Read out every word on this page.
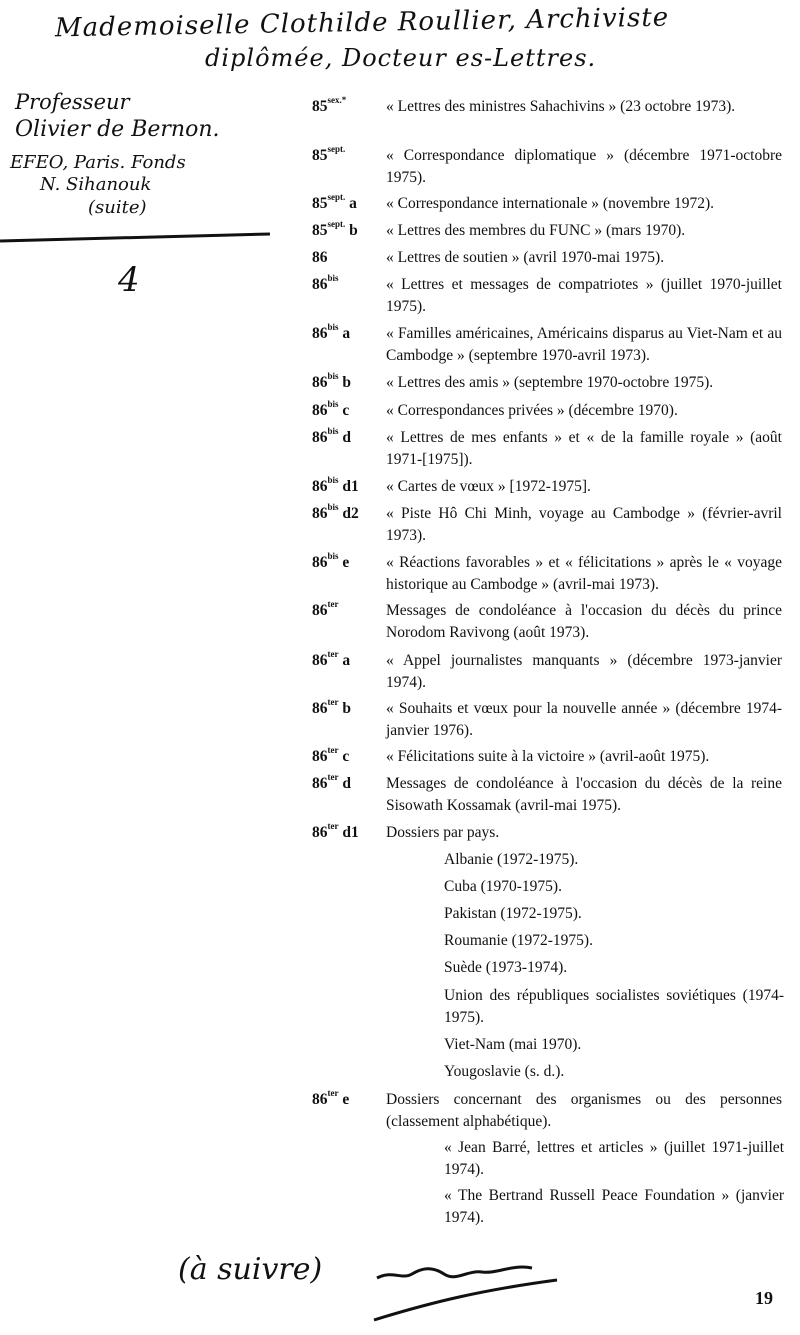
Mademoiselle Clothilde Roullier, Archiviste
diplômée, Docteur es-Lettres.
Professeur
Olivier de Bernon.
EFEO, Paris. Fonds
N. Sihanouk
(suite)
4
$85^{sex.*}$	« Lettres des ministres Sahachivins » (23 octobre 1973).
$85^{sept.}$	« Correspondance diplomatique » (décembre 1971-octobre 1975).
$85^{sept.}$ a	« Correspondance internationale » (novembre 1972).
$85^{sept.}$ b	« Lettres des membres du FUNC » (mars 1970).
86	« Lettres de soutien » (avril 1970-mai 1975).
$86^{bis}$	« Lettres et messages de compatriotes » (juillet 1970-juillet 1975).
$86^{bis}$ a	« Familles américaines, Américains disparus au Viet-Nam et au Cambodge » (septembre 1970-avril 1973).
$86^{bis}$ b	« Lettres des amis » (septembre 1970-octobre 1975).
$86^{bis}$ c	« Correspondances privées » (décembre 1970).
$86^{bis}$ d	« Lettres de mes enfants » et « de la famille royale » (août 1971-[1975]).
$86^{bis}$ d1	« Cartes de vœux » [1972-1975].
$86^{bis}$ d2	« Piste Hô Chi Minh, voyage au Cambodge » (février-avril 1973).
$86^{bis}$ e	« Réactions favorables » et « félicitations » après le « voyage historique au Cambodge » (avril-mai 1973).
$86^{ter}$	Messages de condoléance à l'occasion du décès du prince Norodom Ravivong (août 1973).
$86^{ter}$ a	« Appel journalistes manquants » (décembre 1973-janvier 1974).
$86^{ter}$ b	« Souhaits et vœux pour la nouvelle année » (décembre 1974-janvier 1976).
$86^{ter}$ c	« Félicitations suite à la victoire » (avril-août 1975).
$86^{ter}$ d	Messages de condoléance à l'occasion du décès de la reine Sisowath Kossamak (avril-mai 1975).
$86^{ter}$ d1	Dossiers par pays.
Albanie (1972-1975).
Cuba (1970-1975).
Pakistan (1972-1975).
Roumanie (1972-1975).
Suède (1973-1974).
Union des républiques socialistes soviétiques (1974-1975).
Viet-Nam (mai 1970).
Yougoslavie (s. d.).
$86^{ter}$ e	Dossiers concernant des organismes ou des personnes (classement alphabétique).
« Jean Barré, lettres et articles » (juillet 1971-juillet 1974).
« The Bertrand Russell Peace Foundation » (janvier 1974).
(à suivre)
19
